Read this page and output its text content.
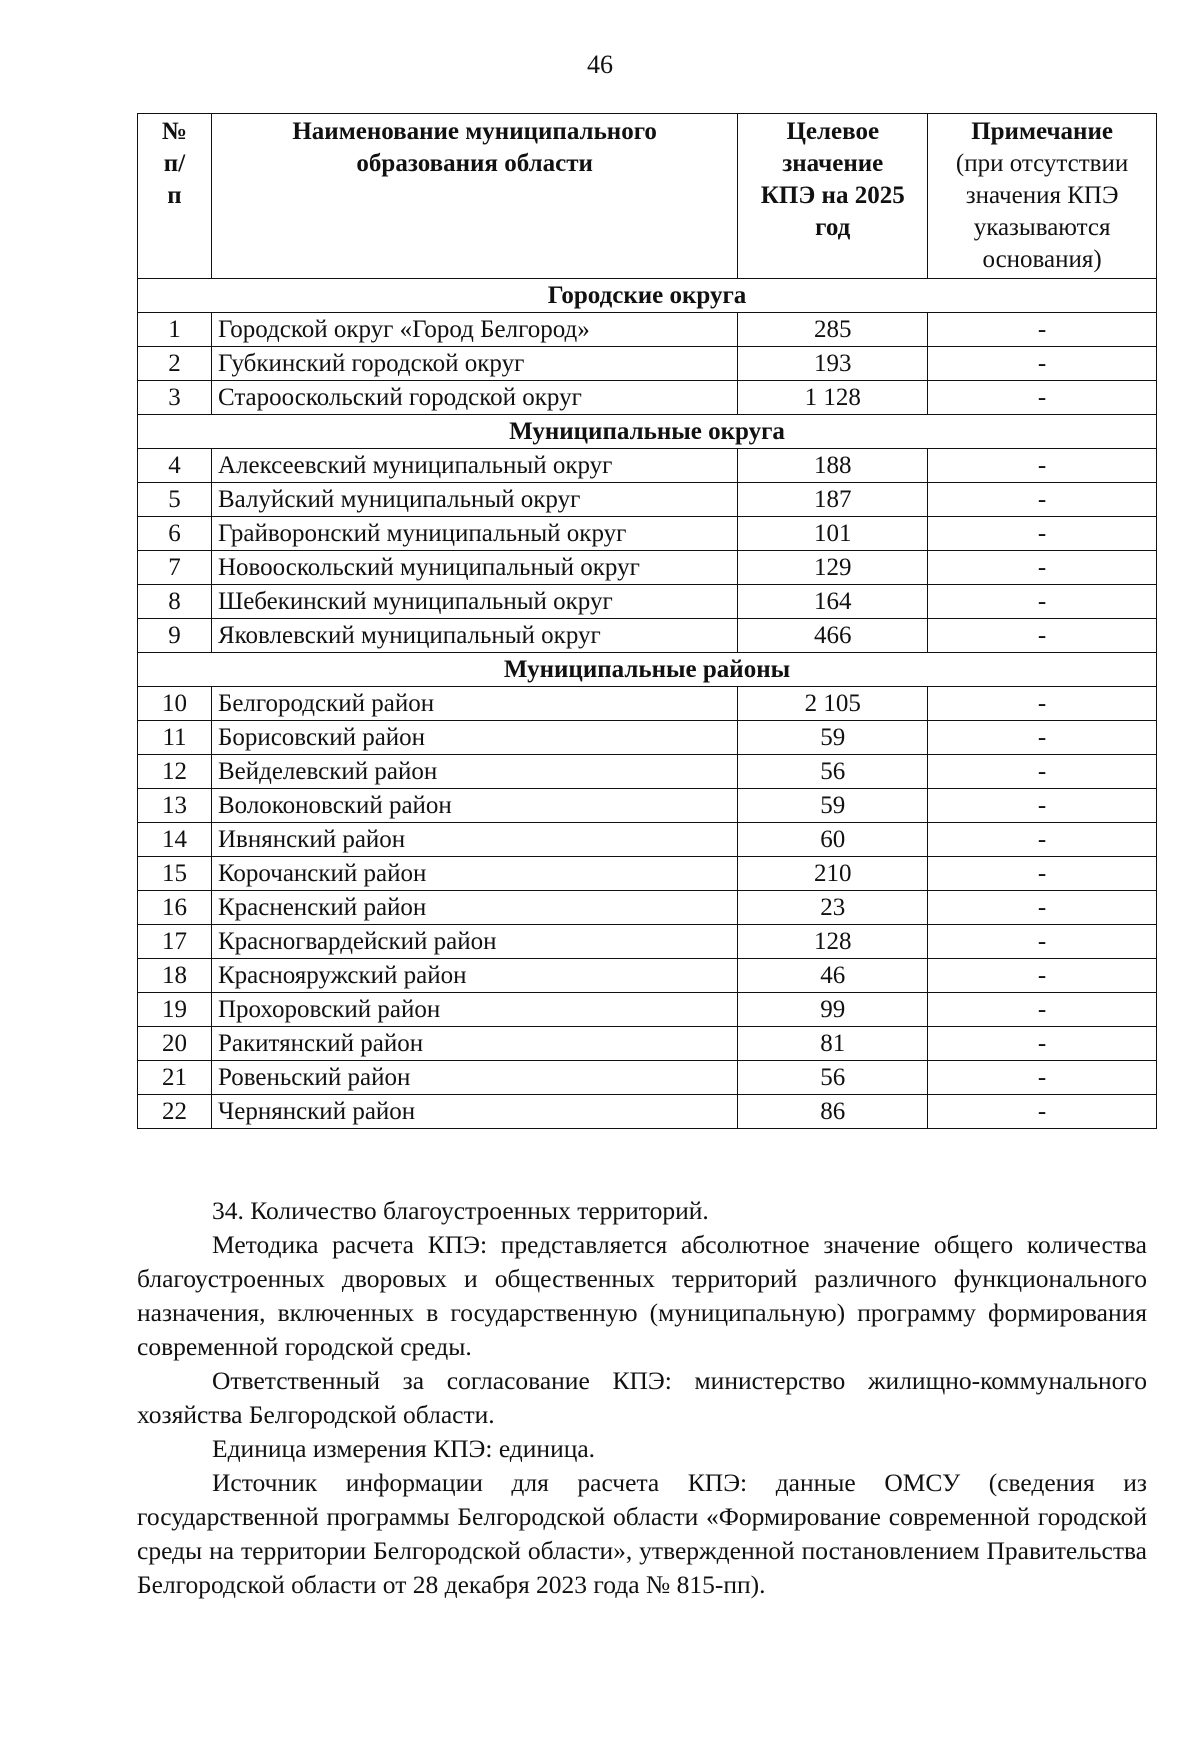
46
№ п/п	Наименование муниципального образования области	Целевое значение КПЭ на 2025 год	Примечание
(при отсутствии значения КПЭ указываются основания)
Городские округа			
1	Городской округ «Город Белгород»	285	-
2	Губкинский городской округ	193	-
3	Старооскольский городской округ	1 128	-
Муниципальные округа			
4	Алексеевский муниципальный округ	188	-
5	Валуйский муниципальный округ	187	-
6	Грайворонский муниципальный округ	101	-
7	Новооскольский муниципальный округ	129	-
8	Шебекинский муниципальный округ	164	-
9	Яковлевский муниципальный округ	466	-
Муниципальные районы			
10	Белгородский район	2 105	-
11	Борисовский район	59	-
12	Вейделевский район	56	-
13	Волоконовский район	59	-
14	Ивнянский район	60	-
15	Корочанский район	210	-
16	Красненский район	23	-
17	Красногвардейский район	128	-
18	Краснояружский район	46	-
19	Прохоровский район	99	-
20	Ракитянский район	81	-
21	Ровеньский район	56	-
22	Чернянский район	86	-

34. Количество благоустроенных территорий.

Методика расчета КПЭ: представляется абсолютное значение общего количества благоустроенных дворовых и общественных территорий различного функционального назначения, включенных в государственную (муниципальную) программу формирования современной городской среды.

Ответственный за согласование КПЭ: министерство жилищно-коммунального хозяйства Белгородской области.

Единица измерения КПЭ: единица.

Источник информации для расчета КПЭ: данные ОМСУ (сведения из государственной программы Белгородской области «Формирование современной городской среды на территории Белгородской области», утвержденной постановлением Правительства Белгородской области от 28 декабря 2023 года № 815-пп).
